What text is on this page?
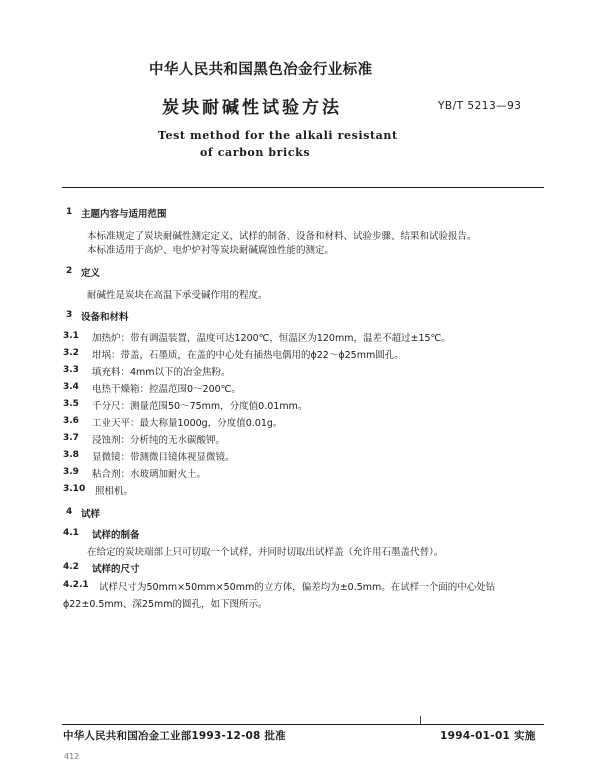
中华人民共和国黑色冶金行业标准
炭块耐碱性试验方法	YB/T 5213—93
Test method for the alkali resistant
of carbon bricks
1 主题内容与适用范围
本标准规定了炭块耐碱性测定定义、试样的制备、设备和材料、试验步骤、结果和试验报告。
本标准适用于高炉、电炉炉衬等炭块耐碱腐蚀性能的测定。
2 定义
耐碱性是炭块在高温下承受碱作用的程度。
3 设备和材料
3.1 加热炉：带有调温装置，温度可达1200℃，恒温区为120mm，温差不超过±15℃。
3.2 坩埚：带盖，石墨质，在盖的中心处有插热电偶用的ϕ22～ϕ25mm圆孔。
3.3 填充料：4mm以下的冶金焦粉。
3.4 电热干燥箱：控温范围0～200℃。
3.5 千分尺：测量范围50～75mm，分度值0.01mm。
3.6 工业天平：最大称量1000g，分度值0.01g。
3.7 浸蚀剂：分析纯的无水碳酸钾。
3.8 显微镜：带测微目镜体视显微镜。
3.9 粘合剂：水玻璃加耐火土。
3.10 照相机。
4 试样
4.1 试样的制备
在给定的炭块端部上只可切取一个试样，并同时切取出试样盖（允许用石墨盖代替）。
4.2 试样的尺寸
4.2.1 试样尺寸为50mm×50mm×50mm的立方体，偏差均为±0.5mm。在试样一个面的中心处钻
ϕ22±0.5mm、深25mm的圆孔，如下图所示。
中华人民共和国冶金工业部1993-12-08 批准	1994-01-01 实施
412
